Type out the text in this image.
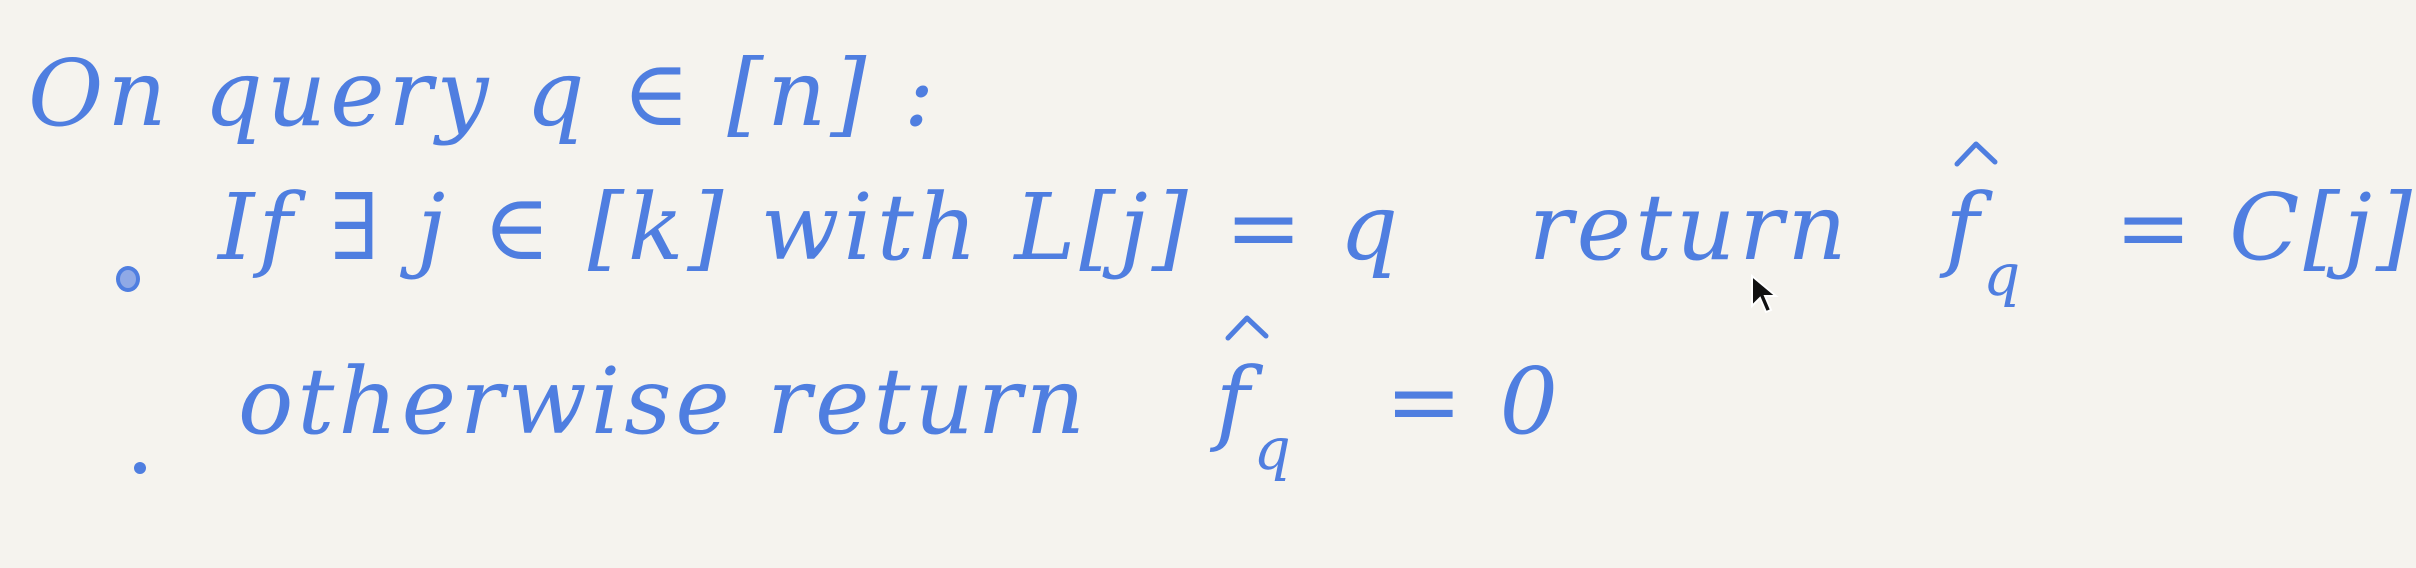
On query q ∈ [n] :
If ∃ j ∈ [k] with L[j] = q return $f_q = C[j]$
otherwise return $f_q = 0$
